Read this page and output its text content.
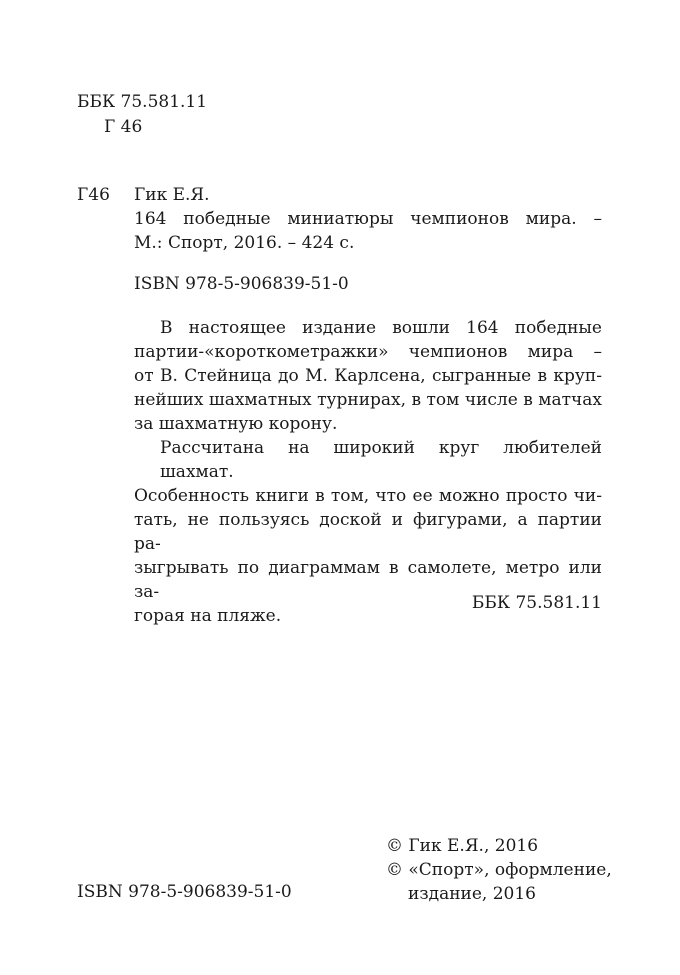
ББК 75.581.11
Г 46
Г46 Гик Е.Я.
164 победные миниатюры чемпионов мира. –
М.: Спорт, 2016. – 424 с.
ISBN 978-5-906839-51-0
В настоящее издание вошли 164 победные
партии-«короткометражки» чемпионов мира –
от В. Стейница до М. Карлсена, сыгранные в круп-
нейших шахматных турнирах, в том числе в матчах
за шахматную корону.
Рассчитана на широкий круг любителей шахмат.
Особенность книги в том, что ее можно просто чи-
тать, не пользуясь доской и фигурами, а партии ра-
зыгрывать по диаграммам в самолете, метро или за-
горая на пляже.
ББК 75.581.11
© Гик Е.Я., 2016
© «Спорт», оформление,
издание, 2016
ISBN 978-5-906839-51-0
